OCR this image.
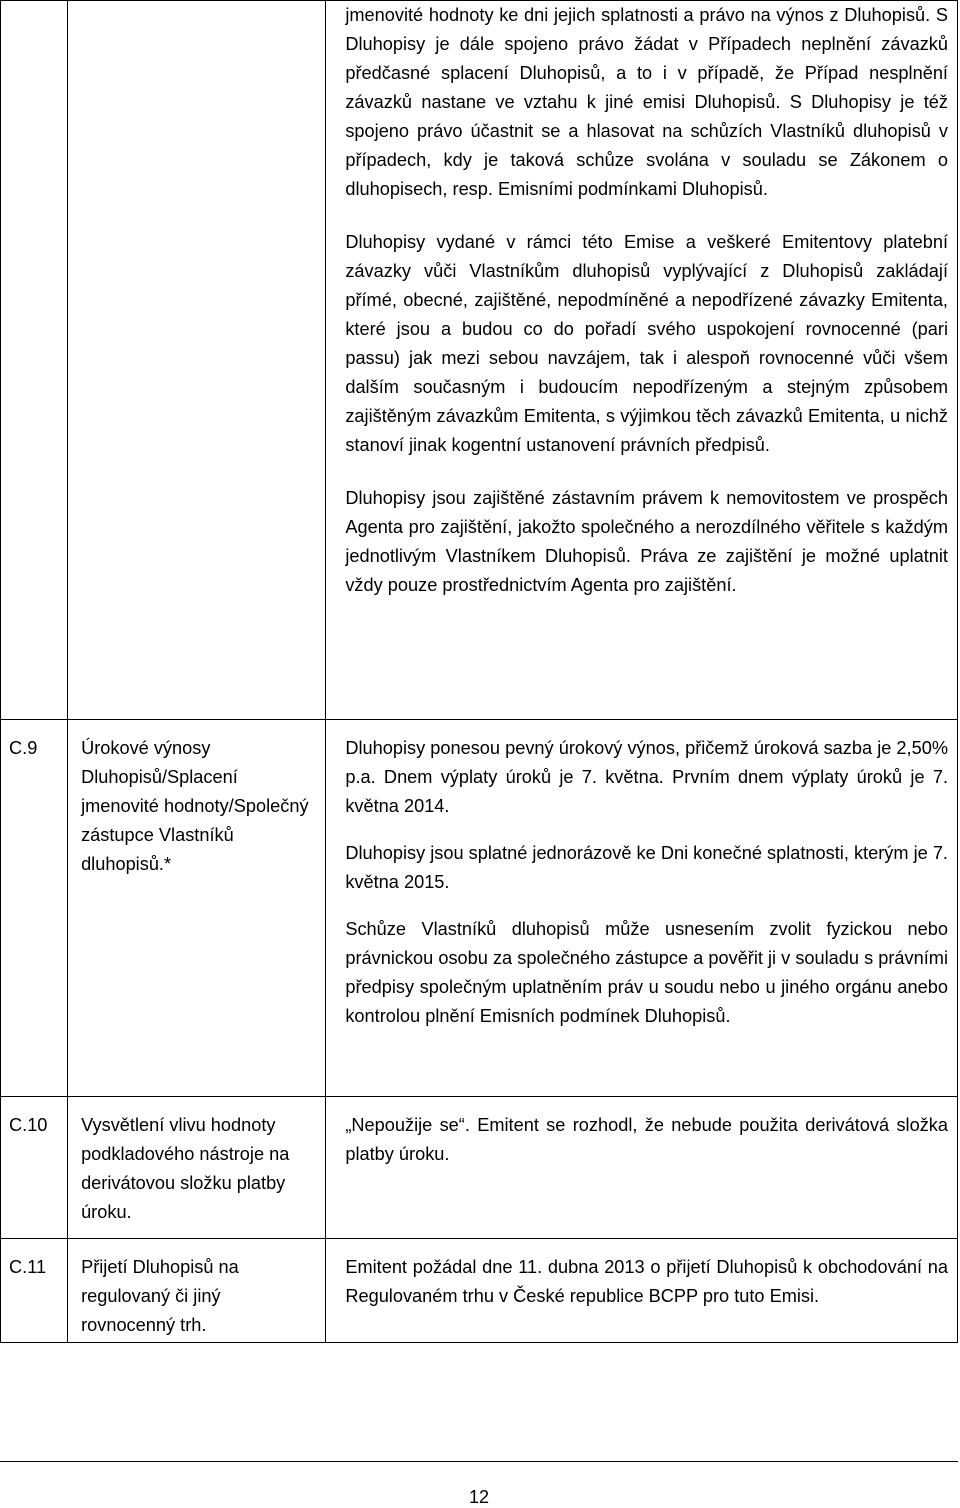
		jmenovité hodnoty ke dni jejich splatnosti a právo na výnos z Dluhopisů. S Dluhopisy je dále spojeno právo žádat v Případech neplnění závazků předčasné splacení Dluhopisů, a to i v případě, že Případ nesplnění závazků nastane ve vztahu k jiné emisi Dluhopisů. S Dluhopisy je též spojeno právo účastnit se a hlasovat na schůzích Vlastníků dluhopisů v případech, kdy je taková schůze svolána v souladu se Zákonem o dluhopisech, resp. Emisními podmínkami Dluhopisů.

Dluhopisy vydané v rámci této Emise a veškeré Emitentovy platební závazky vůči Vlastníkům dluhopisů vyplývající z Dluhopisů zakládají přímé, obecné, zajištěné, nepodmíněné a nepodřízené závazky Emitenta, které jsou a budou co do pořadí svého uspokojení rovnocenné (pari passu) jak mezi sebou navzájem, tak i alespoň rovnocenné vůči všem dalším současným i budoucím nepodřízeným a stejným způsobem zajištěným závazkům Emitenta, s výjimkou těch závazků Emitenta, u nichž stanoví jinak kogentní ustanovení právních předpisů.

Dluhopisy jsou zajištěné zástavním právem k nemovitostem ve prospěch Agenta pro zajištění, jakožto společného a nerozdílného věřitele s každým jednotlivým Vlastníkem Dluhopisů. Práva ze zajištění je možné uplatnit vždy pouze prostřednictvím Agenta pro zajištění.

C.9	Úrokové výnosy Dluhopisů/Splacení jmenovité hodnoty/Společný zástupce Vlastníků dluhopisů.*	Dluhopisy ponesou pevný úrokový výnos, přičemž úroková sazba je 2,50% p.a. Dnem výplaty úroků je 7. května. Prvním dnem výplaty úroků je 7. května 2014.

Dluhopisy jsou splatné jednorázově ke Dni konečné splatnosti, kterým je 7. května 2015.

Schůze Vlastníků dluhopisů může usnesením zvolit fyzickou nebo právnickou osobu za společného zástupce a pověřit ji v souladu s právními předpisy společným uplatněním práv u soudu nebo u jiného orgánu anebo kontrolou plnění Emisních podmínek Dluhopisů.

C.10	Vysvětlení vlivu hodnoty podkladového nástroje na derivátovou složku platby úroku.	„Nepoužije se“. Emitent se rozhodl, že nebude použita derivátová složka platby úroku.

C.11	Přijetí Dluhopisů na regulovaný či jiný rovnocenný trh.	Emitent požádal dne 11. dubna 2013 o přijetí Dluhopisů k obchodování na Regulovaném trhu v České republice BCPP pro tuto Emisi.

12
